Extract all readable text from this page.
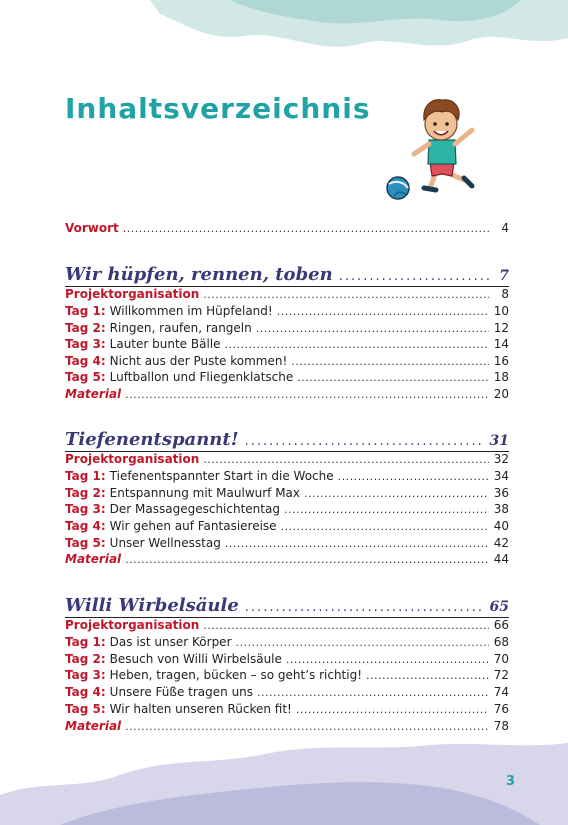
Inhaltsverzeichnis
Vorwort .....	4
Wir hüpfen, rennen, toben .....	7
Projektorganisation .....	8
Tag 1: Willkommen im Hüpfeland! .....	10
Tag 2: Ringen, raufen, rangeln .....	12
Tag 3: Lauter bunte Bälle .....	14
Tag 4: Nicht aus der Puste kommen! .....	16
Tag 5: Luftballon und Fliegenklatsche .....	18
Material .....	20
Tiefenentspannt! .....	31
Projektorganisation .....	32
Tag 1: Tiefenentspannter Start in die Woche .....	34
Tag 2: Entspannung mit Maulwurf Max .....	36
Tag 3: Der Massagegeschichtentag .....	38
Tag 4: Wir gehen auf Fantasiereise .....	40
Tag 5: Unser Wellnesstag .....	42
Material .....	44
Willi Wirbelsäule .....	65
Projektorganisation .....	66
Tag 1: Das ist unser Körper .....	68
Tag 2: Besuch von Willi Wirbelsäule .....	70
Tag 3: Heben, tragen, bücken – so geht’s richtig! .....	72
Tag 4: Unsere Füße tragen uns .....	74
Tag 5: Wir halten unseren Rücken fit! .....	76
Material .....	78
3
